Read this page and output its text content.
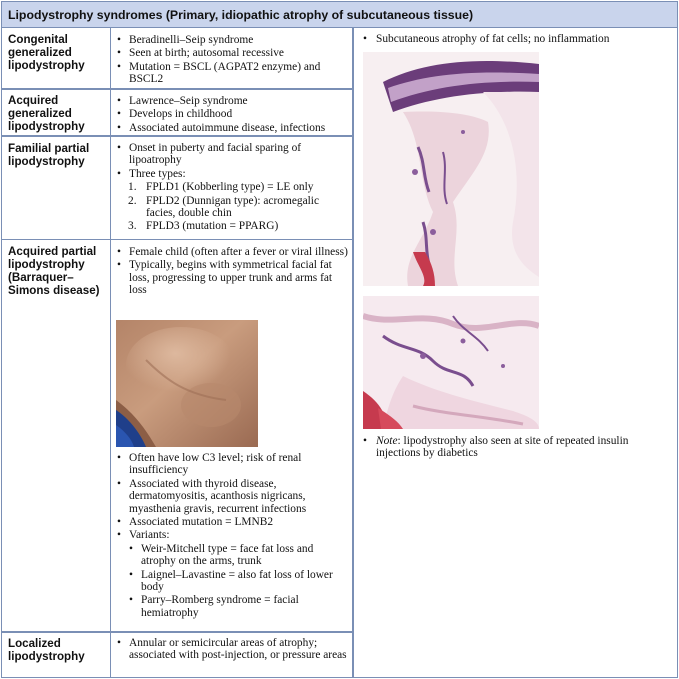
Lipodystrophy syndromes (Primary, idiopathic atrophy of subcutaneous tissue)
Congenital generalized lipodystrophy
• Beradinelli–Seip syndrome
• Seen at birth; autosomal recessive
• Mutation = BSCL (AGPAT2 enzyme) and BSCL2
Acquired generalized lipodystrophy
• Lawrence–Seip syndrome
• Develops in childhood
• Associated autoimmune disease, infections
Familial partial lipodystrophy
• Onset in puberty and facial sparing of lipoatrophy
• Three types:
1. FPLD1 (Kobberling type) = LE only
2. FPLD2 (Dunnigan type): acromegalic facies, double chin
3. FPLD3 (mutation = PPARG)
Acquired partial lipodystrophy (Barraquer–Simons disease)
• Female child (often after a fever or viral illness)
• Typically, begins with symmetrical facial fat loss, progressing to upper trunk and arms fat loss
• Often have low C3 level; risk of renal insufficiency
• Associated with thyroid disease, dermatomyositis, acanthosis nigricans, myasthenia gravis, recurrent infections
• Associated mutation = LMNB2
• Variants:
• Weir-Mitchell type = face fat loss and atrophy on the arms, trunk
• Laignel–Lavastine = also fat loss of lower body
• Parry–Romberg syndrome = facial hemiatrophy
Localized lipodystrophy
• Annular or semicircular areas of atrophy; associated with post-injection, or pressure areas
• Subcutaneous atrophy of fat cells; no inflammation
• Note: lipodystrophy also seen at site of repeated insulin injections by diabetics
